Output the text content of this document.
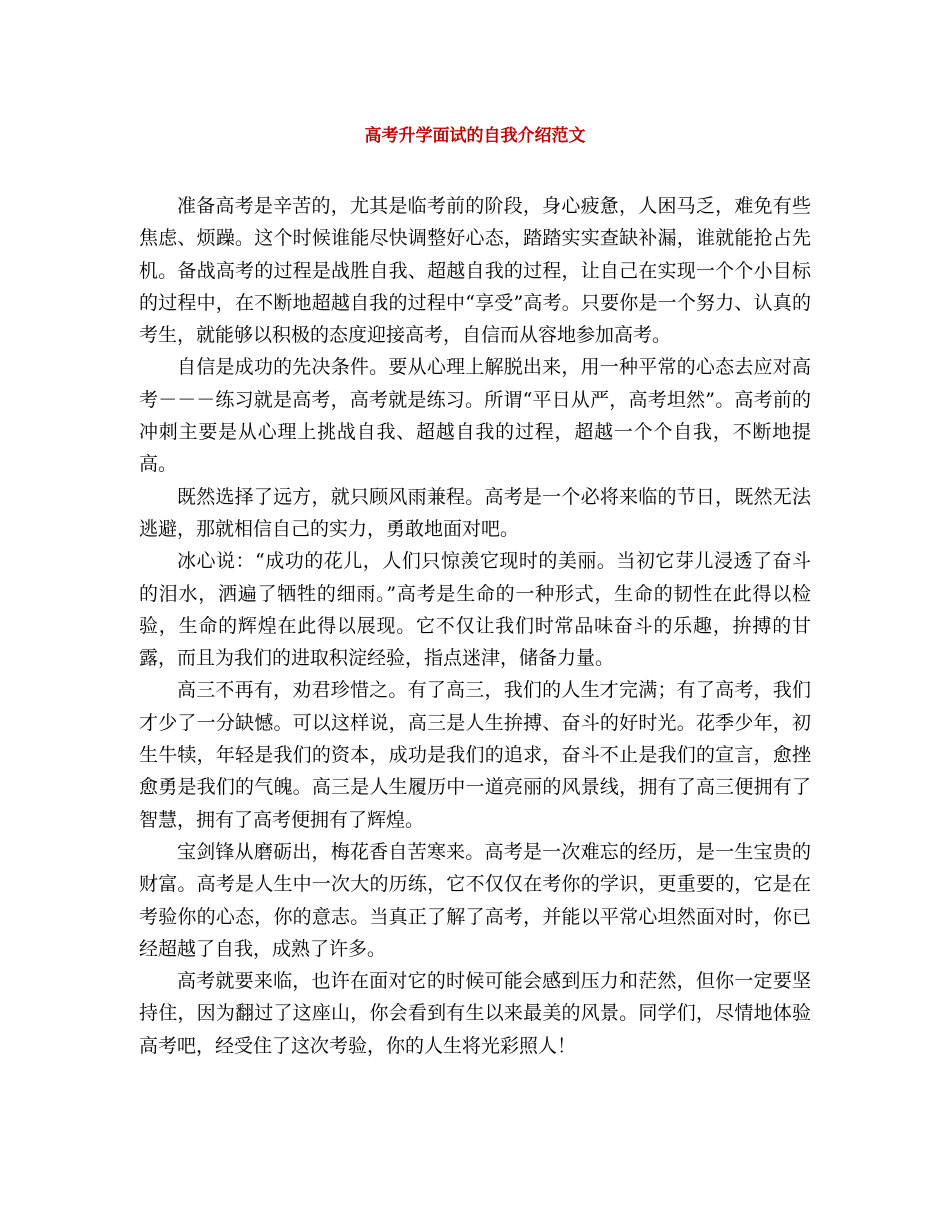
高考升学面试的自我介绍范文

准备高考是辛苦的，尤其是临考前的阶段，身心疲惫，人困马乏，难免有些焦虑、烦躁。这个时候谁能尽快调整好心态，踏踏实实查缺补漏，谁就能抢占先机。备战高考的过程是战胜自我、超越自我的过程，让自己在实现一个个小目标的过程中，在不断地超越自我的过程中“享受”高考。只要你是一个努力、认真的考生，就能够以积极的态度迎接高考，自信而从容地参加高考。

自信是成功的先决条件。要从心理上解脱出来，用一种平常的心态去应对高考－－－练习就是高考，高考就是练习。所谓“平日从严，高考坦然”。高考前的冲刺主要是从心理上挑战自我、超越自我的过程，超越一个个自我，不断地提高。

既然选择了远方，就只顾风雨兼程。高考是一个必将来临的节日，既然无法逃避，那就相信自己的实力，勇敢地面对吧。

冰心说：“成功的花儿，人们只惊羡它现时的美丽。当初它芽儿浸透了奋斗的泪水，洒遍了牺牲的细雨。”高考是生命的一种形式，生命的韧性在此得以检验，生命的辉煌在此得以展现。它不仅让我们时常品味奋斗的乐趣，拚搏的甘露，而且为我们的进取积淀经验，指点迷津，储备力量。

高三不再有，劝君珍惜之。有了高三，我们的人生才完满；有了高考，我们才少了一分缺憾。可以这样说，高三是人生拚搏、奋斗的好时光。花季少年，初生牛犊，年轻是我们的资本，成功是我们的追求，奋斗不止是我们的宣言，愈挫愈勇是我们的气魄。高三是人生履历中一道亮丽的风景线，拥有了高三便拥有了智慧，拥有了高考便拥有了辉煌。

宝剑锋从磨砺出，梅花香自苦寒来。高考是一次难忘的经历，是一生宝贵的财富。高考是人生中一次大的历练，它不仅仅在考你的学识，更重要的，它是在考验你的心态，你的意志。当真正了解了高考，并能以平常心坦然面对时，你已经超越了自我，成熟了许多。

高考就要来临，也许在面对它的时候可能会感到压力和茫然，但你一定要坚持住，因为翻过了这座山，你会看到有生以来最美的风景。同学们，尽情地体验高考吧，经受住了这次考验，你的人生将光彩照人！
